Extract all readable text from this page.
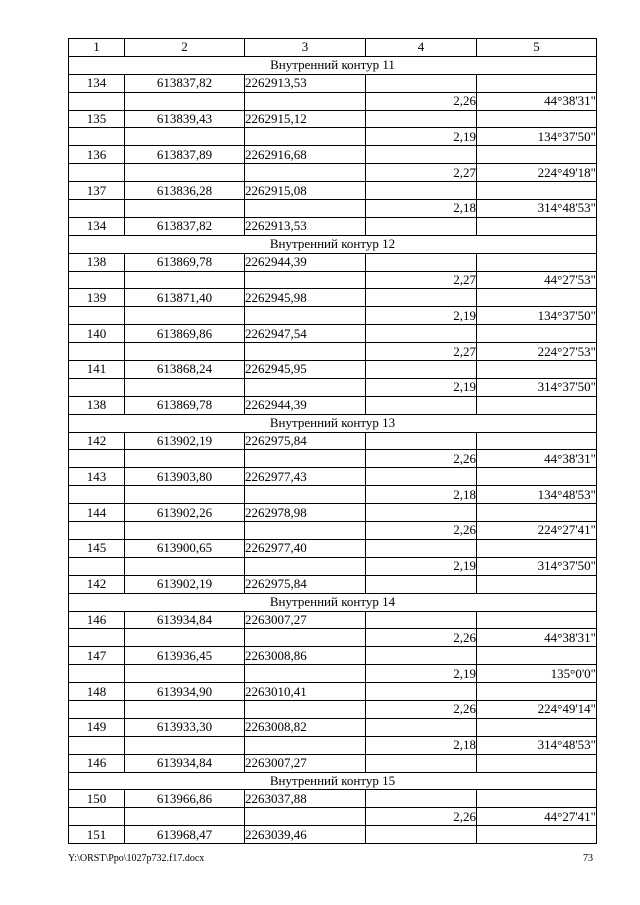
1	2	3	4	5
Внутренний контур 11				
134	613837,82	2262913,53		
			2,26	44°38'31"
135	613839,43	2262915,12		
			2,19	134°37'50"
136	613837,89	2262916,68		
			2,27	224°49'18"
137	613836,28	2262915,08		
			2,18	314°48'53"
134	613837,82	2262913,53		
Внутренний контур 12				
138	613869,78	2262944,39		
			2,27	44°27'53"
139	613871,40	2262945,98		
			2,19	134°37'50"
140	613869,86	2262947,54		
			2,27	224°27'53"
141	613868,24	2262945,95		
			2,19	314°37'50"
138	613869,78	2262944,39		
Внутренний контур 13				
142	613902,19	2262975,84		
			2,26	44°38'31"
143	613903,80	2262977,43		
			2,18	134°48'53"
144	613902,26	2262978,98		
			2,26	224°27'41"
145	613900,65	2262977,40		
			2,19	314°37'50"
142	613902,19	2262975,84		
Внутренний контур 14				
146	613934,84	2263007,27		
			2,26	44°38'31"
147	613936,45	2263008,86		
			2,19	135°0'0"
148	613934,90	2263010,41		
			2,26	224°49'14"
149	613933,30	2263008,82		
			2,18	314°48'53"
146	613934,84	2263007,27		
Внутренний контур 15				
150	613966,86	2263037,88		
			2,26	44°27'41"
151	613968,47	2263039,46		
Y:\ORST\Ppo\1027p732.f17.docx	73
